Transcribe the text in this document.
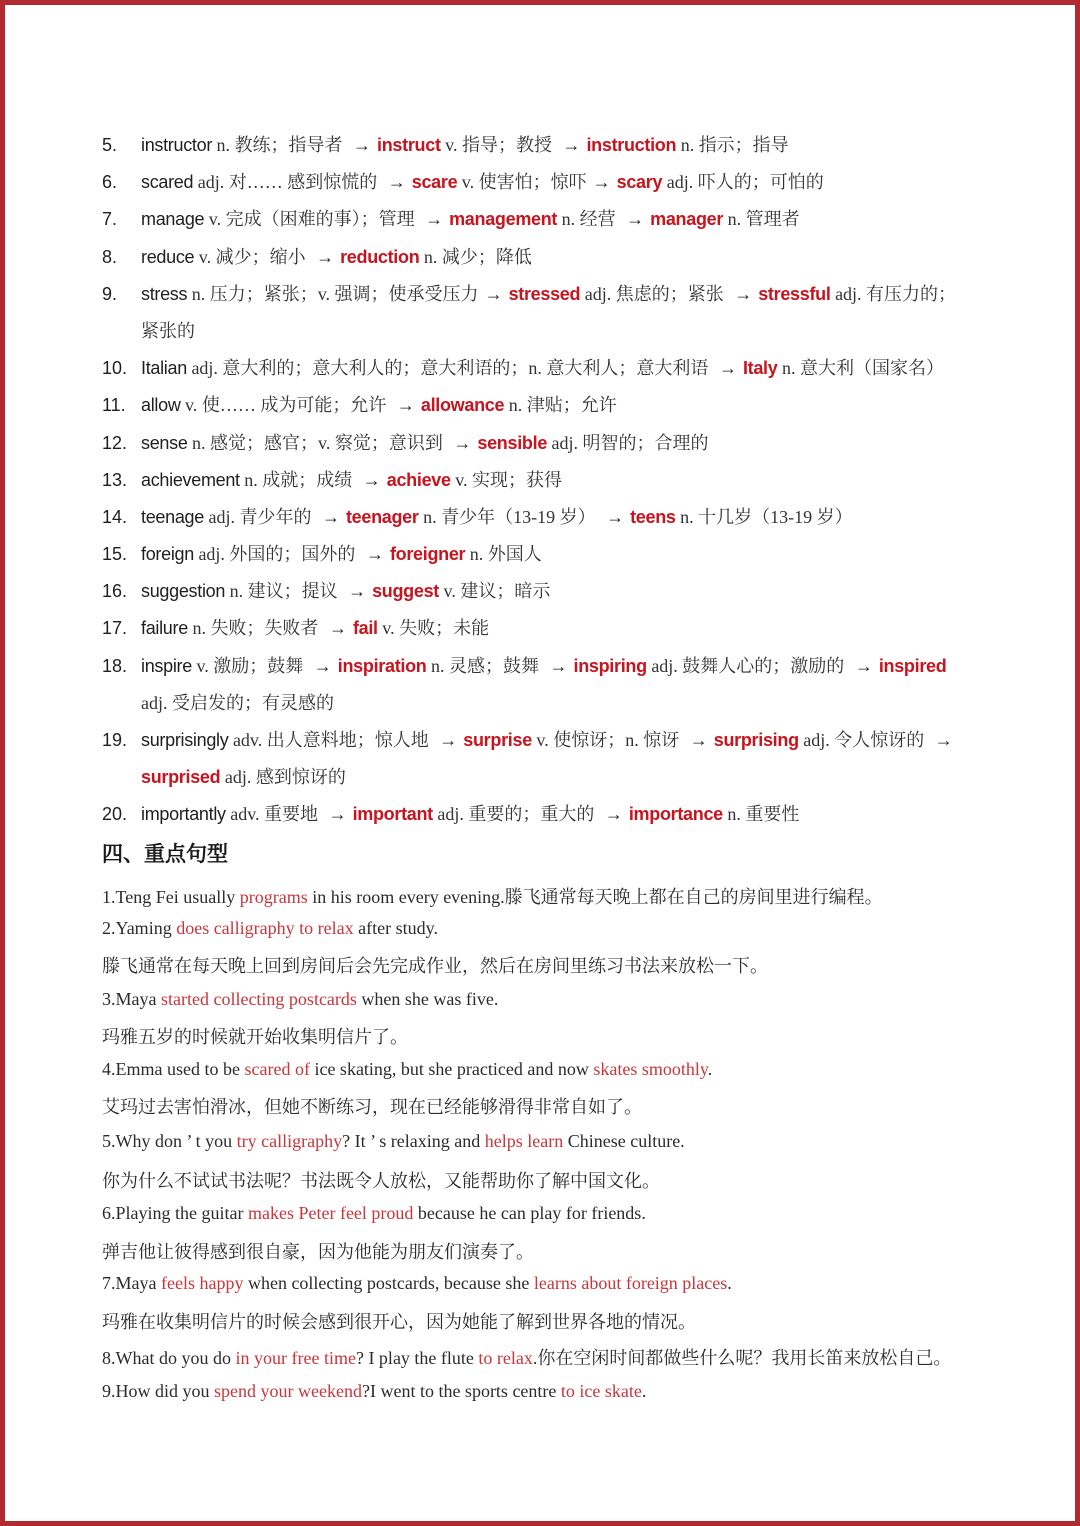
5. instructor n. 教练；指导者 → instruct v. 指导；教授 → instruction n. 指示；指导
6. scared adj. 对…… 感到惊慌的 → scare v. 使害怕；惊吓 → scary adj. 吓人的；可怕的
7. manage v. 完成（困难的事）；管理 → management n. 经营 → manager n. 管理者
8. reduce v. 减少；缩小 → reduction n. 减少；降低
9. stress n. 压力；紧张；v. 强调；使承受压力 → stressed adj. 焦虑的；紧张 → stressful adj. 有压力的；
紧张的
10. Italian adj. 意大利的；意大利人的；意大利语的；n. 意大利人；意大利语 → Italy n. 意大利（国家名）
11. allow v. 使…… 成为可能；允许 → allowance n. 津贴；允许
12. sense n. 感觉；感官；v. 察觉；意识到 → sensible adj. 明智的；合理的
13. achievement n. 成就；成绩 → achieve v. 实现；获得
14. teenage adj. 青少年的 → teenager n. 青少年（13-19 岁） → teens n. 十几岁（13-19 岁）
15. foreign adj. 外国的；国外的 → foreigner n. 外国人
16. suggestion n. 建议；提议 → suggest v. 建议；暗示
17. failure n. 失败；失败者 → fail v. 失败；未能
18. inspire v. 激励；鼓舞 → inspiration n. 灵感；鼓舞 → inspiring adj. 鼓舞人心的；激励的 → inspired
adj. 受启发的；有灵感的
19. surprisingly adv. 出人意料地；惊人地 → surprise v. 使惊讶；n. 惊讶 → surprising adj. 令人惊讶的 →
surprised adj. 感到惊讶的
20. importantly adv. 重要地 → important adj. 重要的；重大的 → importance n. 重要性
四、重点句型
1.Teng Fei usually programs in his room every evening.滕飞通常每天晚上都在自己的房间里进行编程。
2.Yaming does calligraphy to relax after study.
滕飞通常在每天晚上回到房间后会先完成作业，然后在房间里练习书法来放松一下。
3.Maya started collecting postcards when she was five.
玛雅五岁的时候就开始收集明信片了。
4.Emma used to be scared of ice skating, but she practiced and now skates smoothly.
艾玛过去害怕滑冰，但她不断练习，现在已经能够滑得非常自如了。
5.Why don ’ t you try calligraphy? It ’ s relaxing and helps learn Chinese culture.
你为什么不试试书法呢？书法既令人放松，又能帮助你了解中国文化。
6.Playing the guitar makes Peter feel proud because he can play for friends.
弹吉他让彼得感到很自豪，因为他能为朋友们演奏了。
7.Maya feels happy when collecting postcards, because she learns about foreign places.
玛雅在收集明信片的时候会感到很开心，因为她能了解到世界各地的情况。
8.What do you do in your free time? I play the flute to relax.你在空闲时间都做些什么呢？我用长笛来放松自己。
9.How did you spend your weekend?I went to the sports centre to ice skate.
